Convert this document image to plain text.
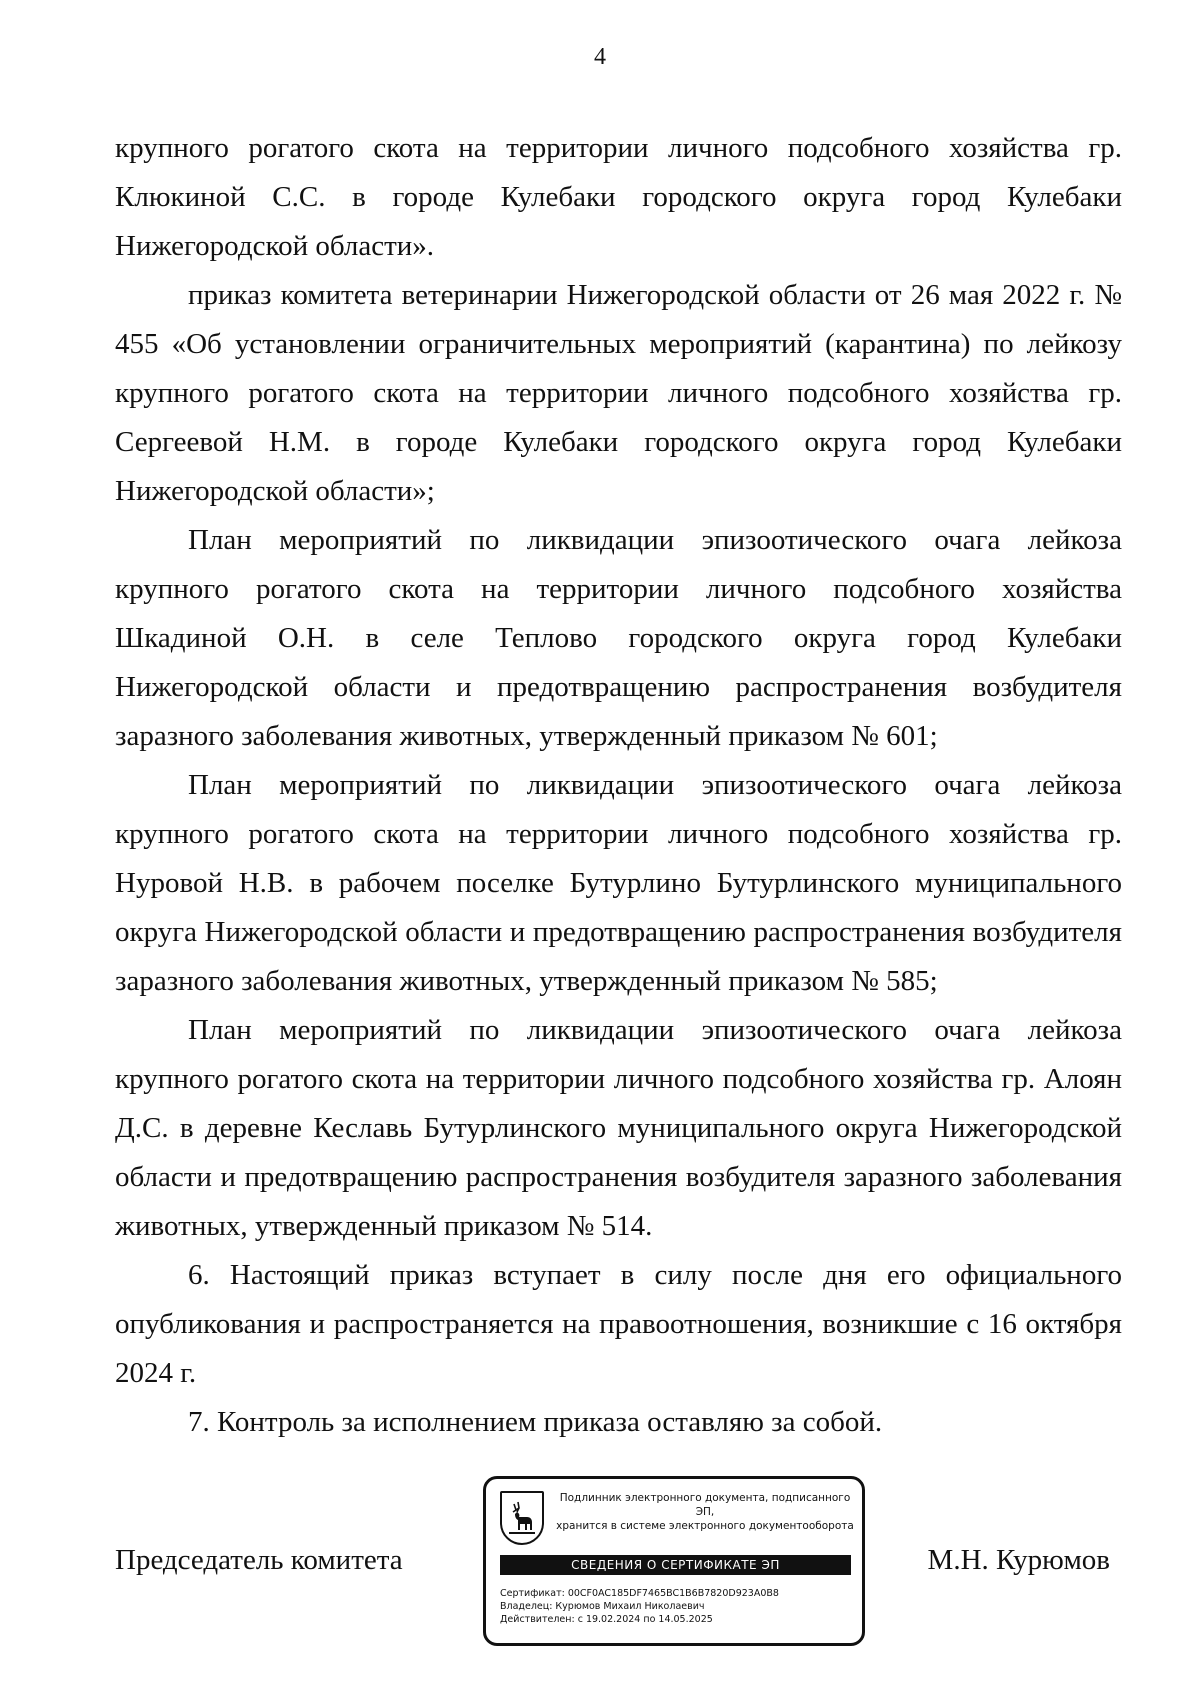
4

крупного рогатого скота на территории личного подсобного хозяйства гр. Клюкиной С.С. в городе Кулебаки городского округа город Кулебаки Нижегородской области».

приказ комитета ветеринарии Нижегородской области от 26 мая 2022 г. № 455 «Об установлении ограничительных мероприятий (карантина) по лейкозу крупного рогатого скота на территории личного подсобного хозяйства гр. Сергеевой Н.М. в городе Кулебаки городского округа город Кулебаки Нижегородской области»;

План мероприятий по ликвидации эпизоотического очага лейкоза крупного рогатого скота на территории личного подсобного хозяйства Шкадиной О.Н. в селе Теплово городского округа город Кулебаки Нижегородской области и предотвращению распространения возбудителя заразного заболевания животных, утвержденный приказом № 601;

План мероприятий по ликвидации эпизоотического очага лейкоза крупного рогатого скота на территории личного подсобного хозяйства гр. Нуровой Н.В. в рабочем поселке Бутурлино Бутурлинского муниципального округа Нижегородской области и предотвращению распространения возбудителя заразного заболевания животных, утвержденный приказом № 585;

План мероприятий по ликвидации эпизоотического очага лейкоза крупного рогатого скота на территории личного подсобного хозяйства гр. Алоян Д.С. в деревне Кеславь Бутурлинского муниципального округа Нижегородской области и предотвращению распространения возбудителя заразного заболевания животных, утвержденный приказом № 514.

6. Настоящий приказ вступает в силу после дня его официального опубликования и распространяется на правоотношения, возникшие с 16 октября 2024 г.

7. Контроль за исполнением приказа оставляю за собой.

Председатель комитета	М.Н. Курюмов
Подлинник электронного документа, подписанного ЭП,
хранится в системе электронного документооборота
СВЕДЕНИЯ О СЕРТИФИКАТЕ ЭП
Сертификат: 00CF0AC185DF7465BC1B6B7820D923A0B8
Владелец: Курюмов Михаил Николаевич
Действителен: с 19.02.2024 по 14.05.2025
